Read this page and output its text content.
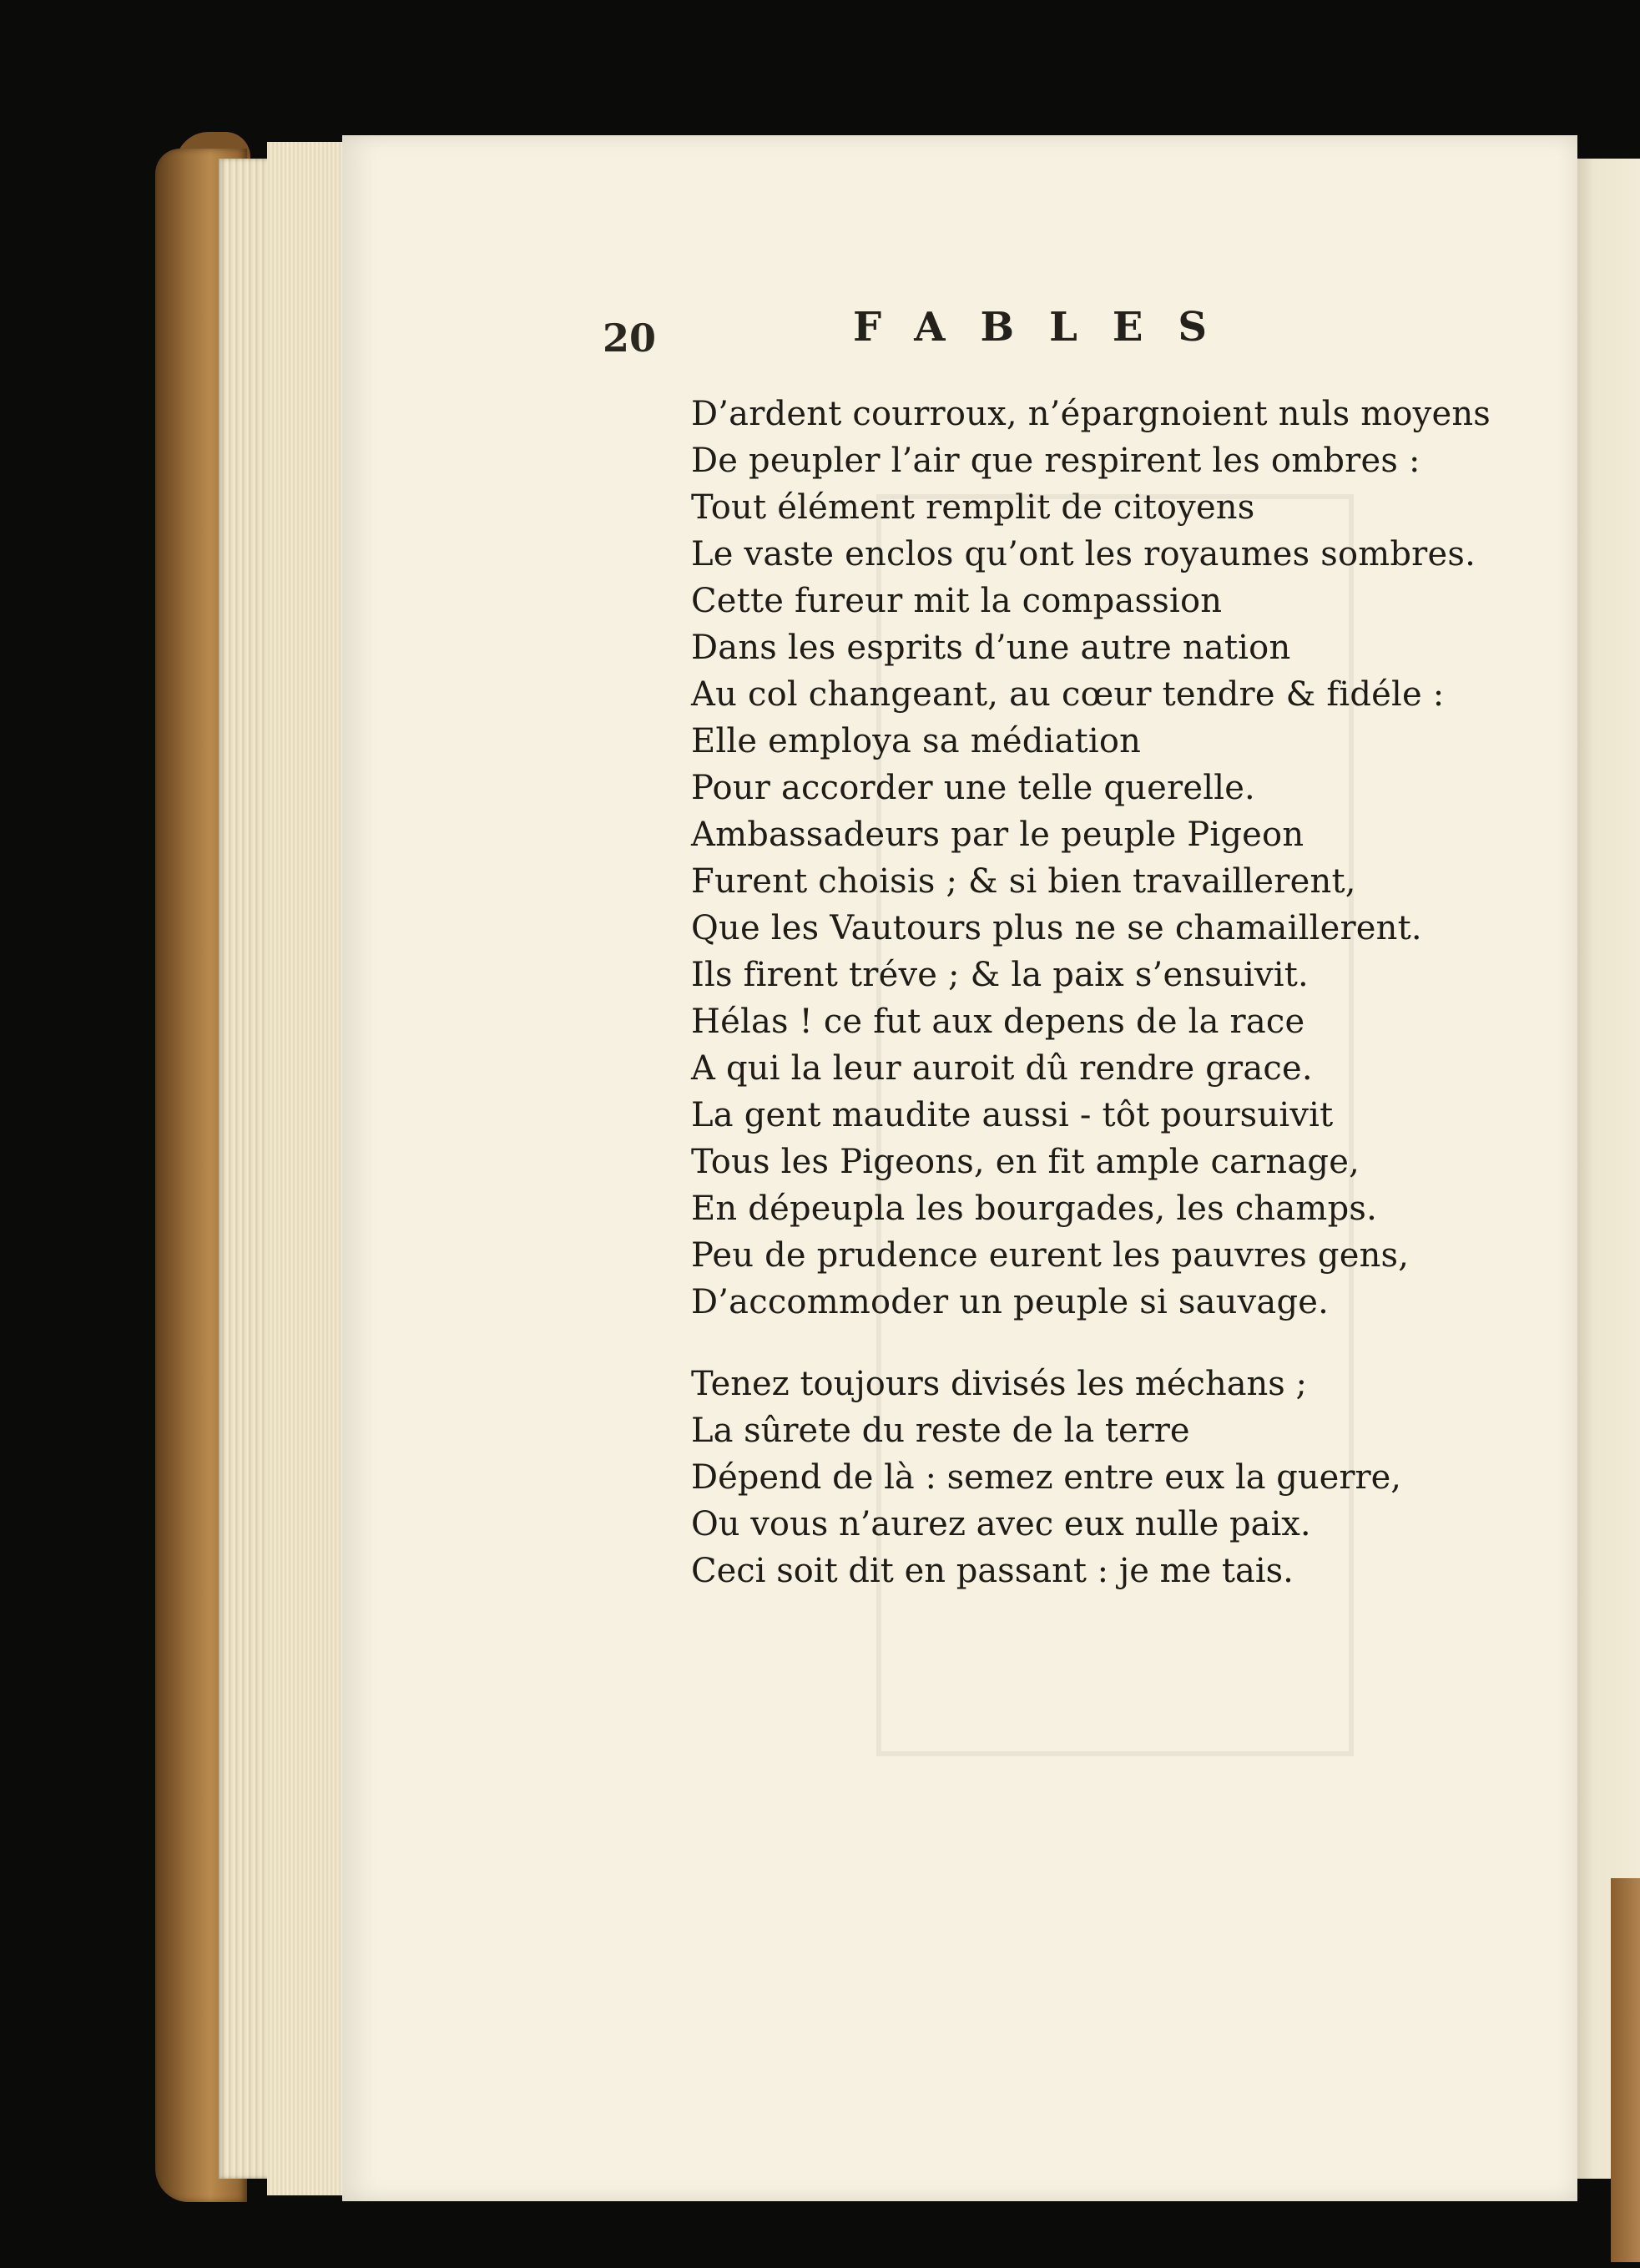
20	FABLES
D’ardent courroux, n’épargnoient nuls moyens
De peupler l’air que respirent les ombres :
Tout élément remplit de citoyens
Le vaste enclos qu’ont les royaumes sombres.
Cette fureur mit la compassion
Dans les esprits d’une autre nation
Au col changeant, au cœur tendre & fidéle :
Elle employa sa médiation
Pour accorder une telle querelle.
Ambassadeurs par le peuple Pigeon
Furent choisis ; & si bien travaillerent,
Que les Vautours plus ne se chamaillerent.
Ils firent tréve ; & la paix s’ensuivit.
Hélas ! ce fut aux depens de la race
A qui la leur auroit dû rendre grace.
La gent maudite aussi - tôt poursuivit
Tous les Pigeons, en fit ample carnage,
En dépeupla les bourgades, les champs.
Peu de prudence eurent les pauvres gens,
D’accommoder un peuple si sauvage.
Tenez toujours divisés les méchans ;
La sûrete du reste de la terre
Dépend de là : semez entre eux la guerre,
Ou vous n’aurez avec eux nulle paix.
Ceci soit dit en passant : je me tais.
